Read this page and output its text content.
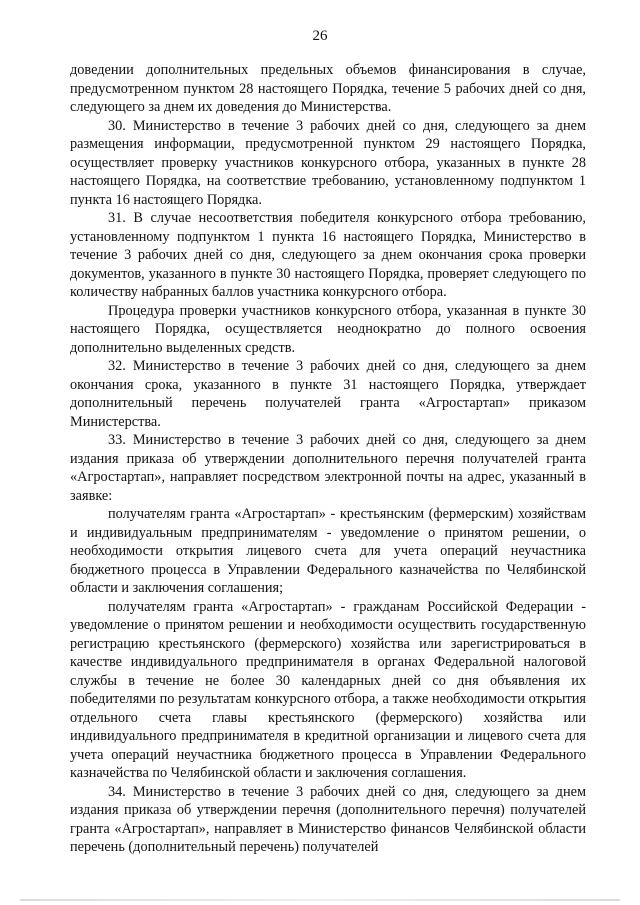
26

доведении дополнительных предельных объемов финансирования в случае, предусмотренном пунктом 28 настоящего Порядка, течение 5 рабочих дней со дня, следующего за днем их доведения до Министерства.

30. Министерство в течение 3 рабочих дней со дня, следующего за днем размещения информации, предусмотренной пунктом 29 настоящего Порядка, осуществляет проверку участников конкурсного отбора, указанных в пункте 28 настоящего Порядка, на соответствие требованию, установленному подпунктом 1 пункта 16 настоящего Порядка.

31. В случае несоответствия победителя конкурсного отбора требованию, установленному подпунктом 1 пункта 16 настоящего Порядка, Министерство в течение 3 рабочих дней со дня, следующего за днем окончания срока проверки документов, указанного в пункте 30 настоящего Порядка, проверяет следующего по количеству набранных баллов участника конкурсного отбора.

Процедура проверки участников конкурсного отбора, указанная в пункте 30 настоящего Порядка, осуществляется неоднократно до полного освоения дополнительно выделенных средств.

32. Министерство в течение 3 рабочих дней со дня, следующего за днем окончания срока, указанного в пункте 31 настоящего Порядка, утверждает дополнительный перечень получателей гранта «Агростартап» приказом Министерства.

33. Министерство в течение 3 рабочих дней со дня, следующего за днем издания приказа об утверждении дополнительного перечня получателей гранта «Агростартап», направляет посредством электронной почты на адрес, указанный в заявке:

получателям гранта «Агростартап» - крестьянским (фермерским) хозяйствам и индивидуальным предпринимателям - уведомление о принятом решении, о необходимости открытия лицевого счета для учета операций неучастника бюджетного процесса в Управлении Федерального казначейства по Челябинской области и заключения соглашения;

получателям гранта «Агростартап» - гражданам Российской Федерации - уведомление о принятом решении и необходимости осуществить государственную регистрацию крестьянского (фермерского) хозяйства или зарегистрироваться в качестве индивидуального предпринимателя в органах Федеральной налоговой службы в течение не более 30 календарных дней со дня объявления их победителями по результатам конкурсного отбора, а также необходимости открытия отдельного счета главы крестьянского (фермерского) хозяйства или индивидуального предпринимателя в кредитной организации и лицевого счета для учета операций неучастника бюджетного процесса в Управлении Федерального казначейства по Челябинской области и заключения соглашения.

34. Министерство в течение 3 рабочих дней со дня, следующего за днем издания приказа об утверждении перечня (дополнительного перечня) получателей гранта «Агростартап», направляет в Министерство финансов Челябинской области перечень (дополнительный перечень) получателей
